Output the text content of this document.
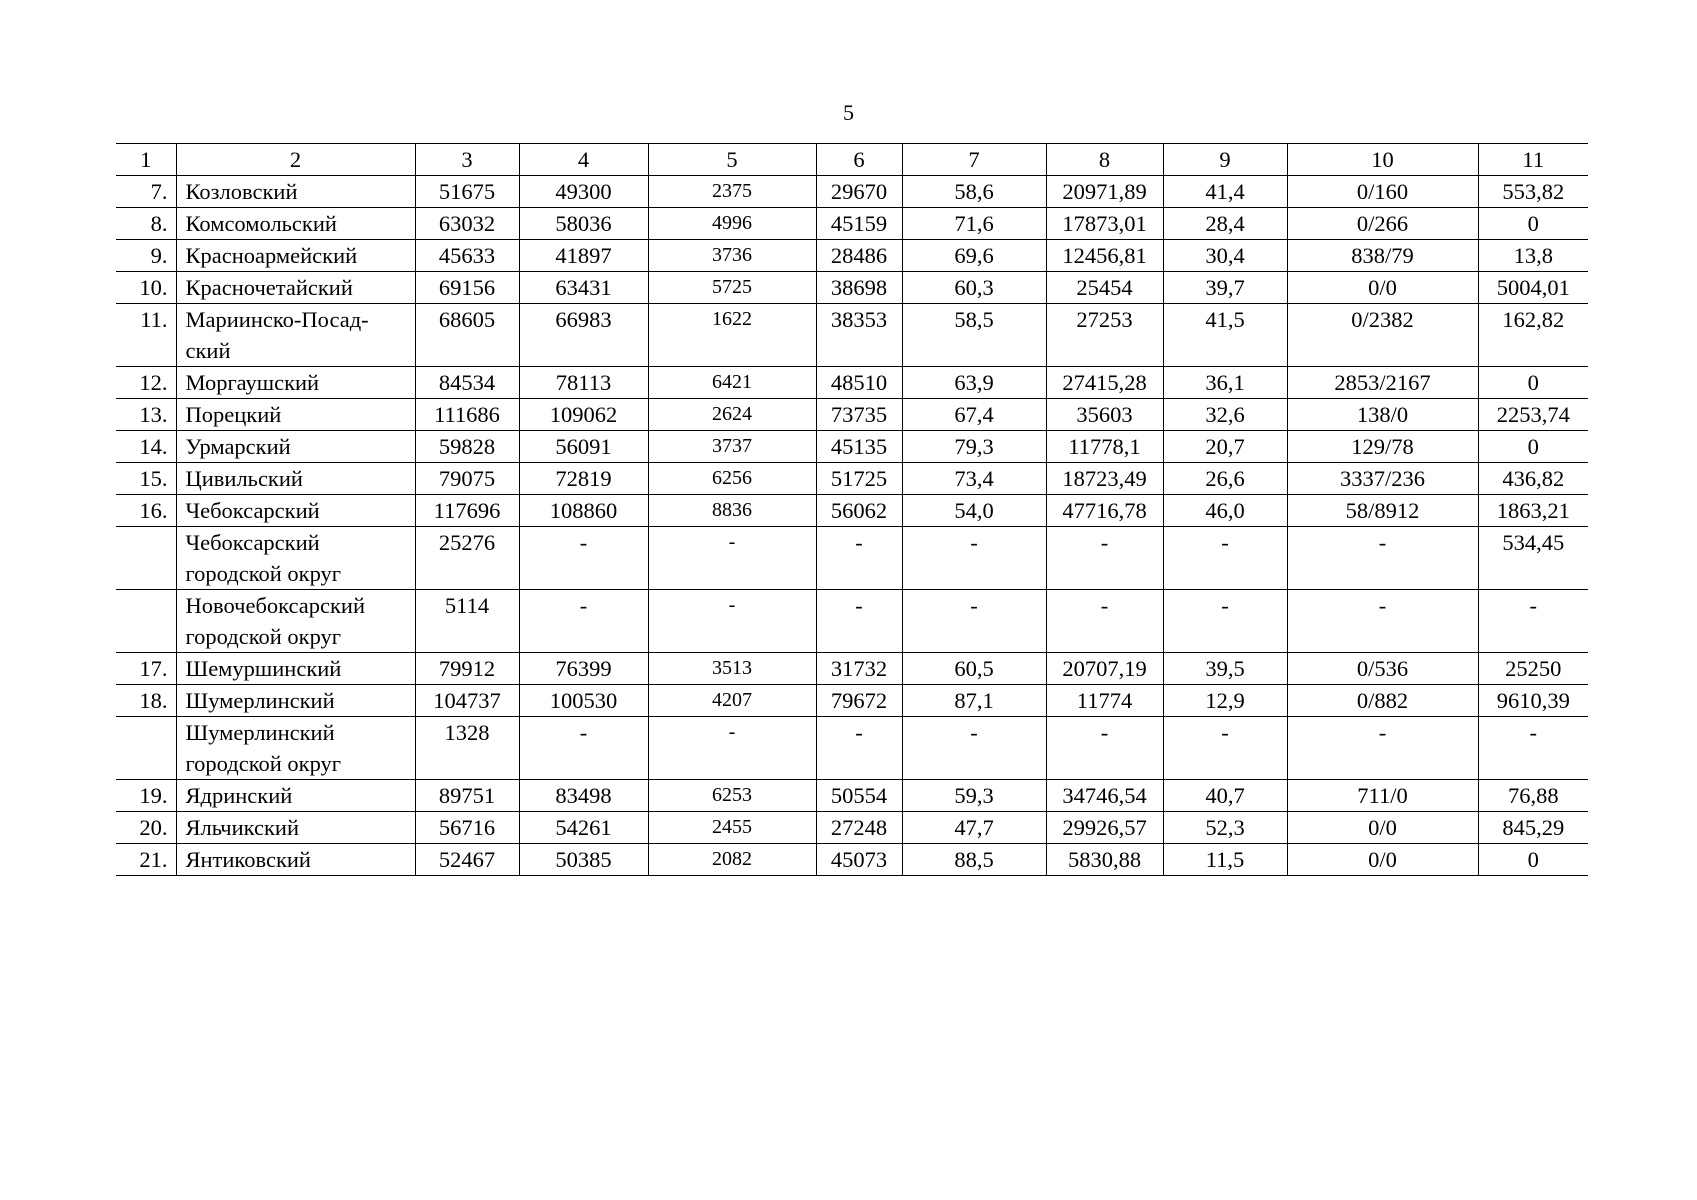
5
1	2	3	4	5	6	7	8	9	10	11
7.	Козловский	51675	49300	2375	29670	58,6	20971,89	41,4	0/160	553,82
8.	Комсомольский	63032	58036	4996	45159	71,6	17873,01	28,4	0/266	0
9.	Красноармейский	45633	41897	3736	28486	69,6	12456,81	30,4	838/79	13,8
10.	Красночетайский	69156	63431	5725	38698	60,3	25454	39,7	0/0	5004,01
11.	Мариинско-Посад-ский	68605	66983	1622	38353	58,5	27253	41,5	0/2382	162,82
12.	Моргаушский	84534	78113	6421	48510	63,9	27415,28	36,1	2853/2167	0
13.	Порецкий	111686	109062	2624	73735	67,4	35603	32,6	138/0	2253,74
14.	Урмарский	59828	56091	3737	45135	79,3	11778,1	20,7	129/78	0
15.	Цивильский	79075	72819	6256	51725	73,4	18723,49	26,6	3337/236	436,82
16.	Чебоксарский	117696	108860	8836	56062	54,0	47716,78	46,0	58/8912	1863,21
	Чебоксарский городской округ	25276	-	-	-	-	-	-	-	534,45
	Новочебоксарский городской округ	5114	-	-	-	-	-	-	-	-
17.	Шемуршинский	79912	76399	3513	31732	60,5	20707,19	39,5	0/536	25250
18.	Шумерлинский	104737	100530	4207	79672	87,1	11774	12,9	0/882	9610,39
	Шумерлинский городской округ	1328	-	-	-	-	-	-	-	-
19.	Ядринский	89751	83498	6253	50554	59,3	34746,54	40,7	711/0	76,88
20.	Яльчикский	56716	54261	2455	27248	47,7	29926,57	52,3	0/0	845,29
21.	Янтиковский	52467	50385	2082	45073	88,5	5830,88	11,5	0/0	0
